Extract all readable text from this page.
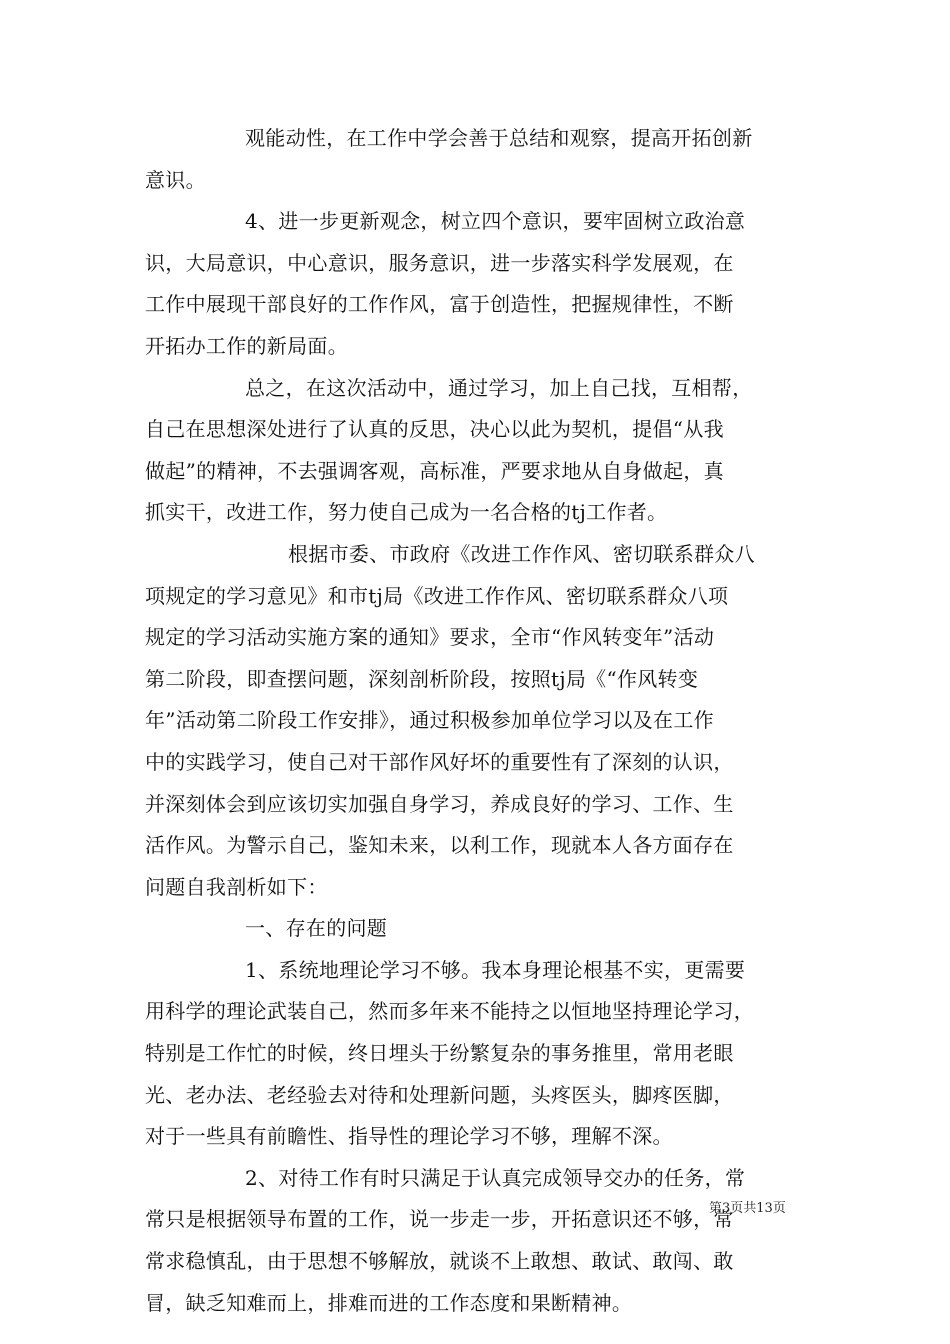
观能动性，在工作中学会善于总结和观察，提高开拓创新
意识。
4、进一步更新观念，树立四个意识，要牢固树立政治意
识，大局意识，中心意识，服务意识，进一步落实科学发展观，在
工作中展现干部良好的工作作风，富于创造性，把握规律性，不断
开拓办工作的新局面。
总之，在这次活动中，通过学习，加上自己找，互相帮，
自己在思想深处进行了认真的反思，决心以此为契机，提倡“从我
做起”的精神，不去强调客观，高标准，严要求地从自身做起，真
抓实干，改进工作，努力使自己成为一名合格的tj工作者。
根据市委、市政府《改进工作作风、密切联系群众八
项规定的学习意见》和市tj局《改进工作作风、密切联系群众八项
规定的学习活动实施方案的通知》要求，全市“作风转变年”活动
第二阶段，即查摆问题，深刻剖析阶段，按照tj局《“作风转变
年”活动第二阶段工作安排》，通过积极参加单位学习以及在工作
中的实践学习，使自己对干部作风好坏的重要性有了深刻的认识，
并深刻体会到应该切实加强自身学习，养成良好的学习、工作、生
活作风。为警示自己，鉴知未来，以利工作，现就本人各方面存在
问题自我剖析如下：
一、存在的问题
1、系统地理论学习不够。我本身理论根基不实，更需要
用科学的理论武装自己，然而多年来不能持之以恒地坚持理论学习，
特别是工作忙的时候，终日埋头于纷繁复杂的事务推里，常用老眼
光、老办法、老经验去对待和处理新问题，头疼医头，脚疼医脚，
对于一些具有前瞻性、指导性的理论学习不够，理解不深。
2、对待工作有时只满足于认真完成领导交办的任务，常
常只是根据领导布置的工作，说一步走一步，开拓意识还不够，常
常求稳慎乱，由于思想不够解放，就谈不上敢想、敢试、敢闯、敢
冒，缺乏知难而上，排难而进的工作态度和果断精神。
第3页共13页
